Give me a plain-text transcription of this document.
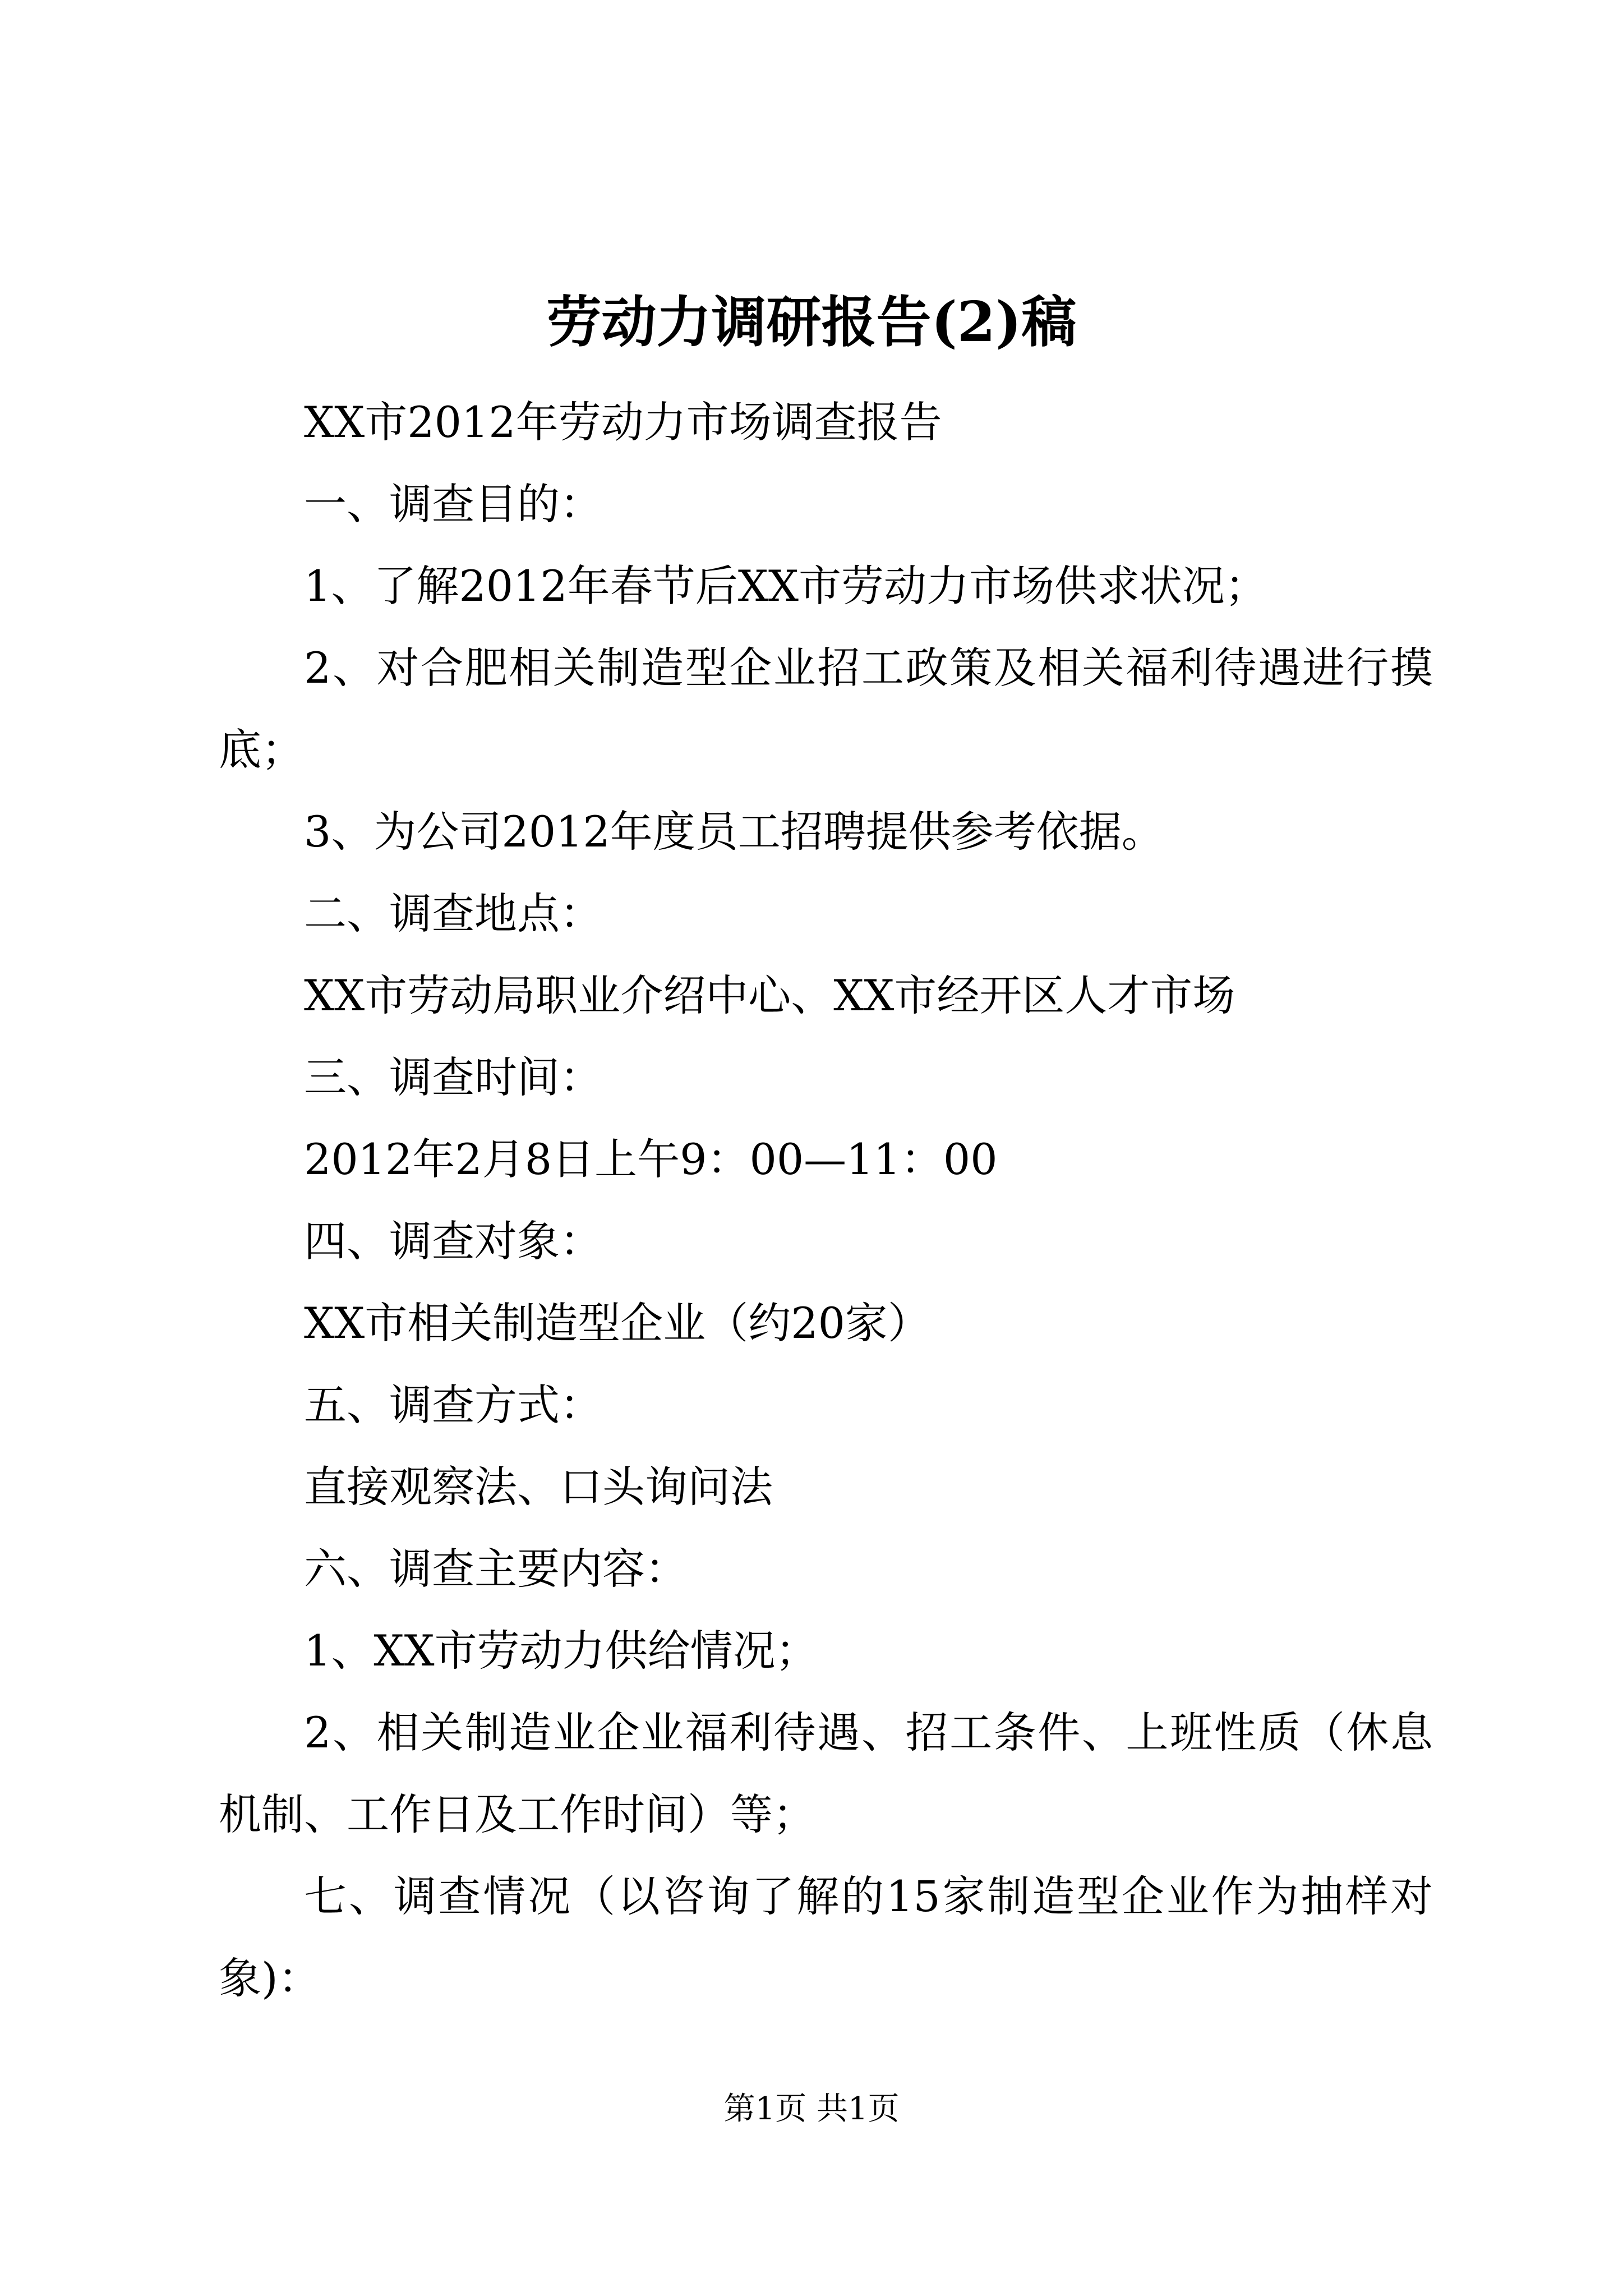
劳动力调研报告(2)稿

XX市2012年劳动力市场调查报告

一、调查目的：

1、了解2012年春节后XX市劳动力市场供求状况；

2、对合肥相关制造型企业招工政策及相关福利待遇进行摸底；

3、为公司2012年度员工招聘提供参考依据。

二、调查地点：

XX市劳动局职业介绍中心、XX市经开区人才市场

三、调查时间：

2012年2月8日上午9：00—11：00

四、调查对象：

XX市相关制造型企业（约20家）

五、调查方式：

直接观察法、口头询问法

六、调查主要内容：

1、XX市劳动力供给情况；

2、相关制造业企业福利待遇、招工条件、上班性质（休息机制、工作日及工作时间）等；

七、调查情况（以咨询了解的15家制造型企业作为抽样对象)：

第1页 共1页
